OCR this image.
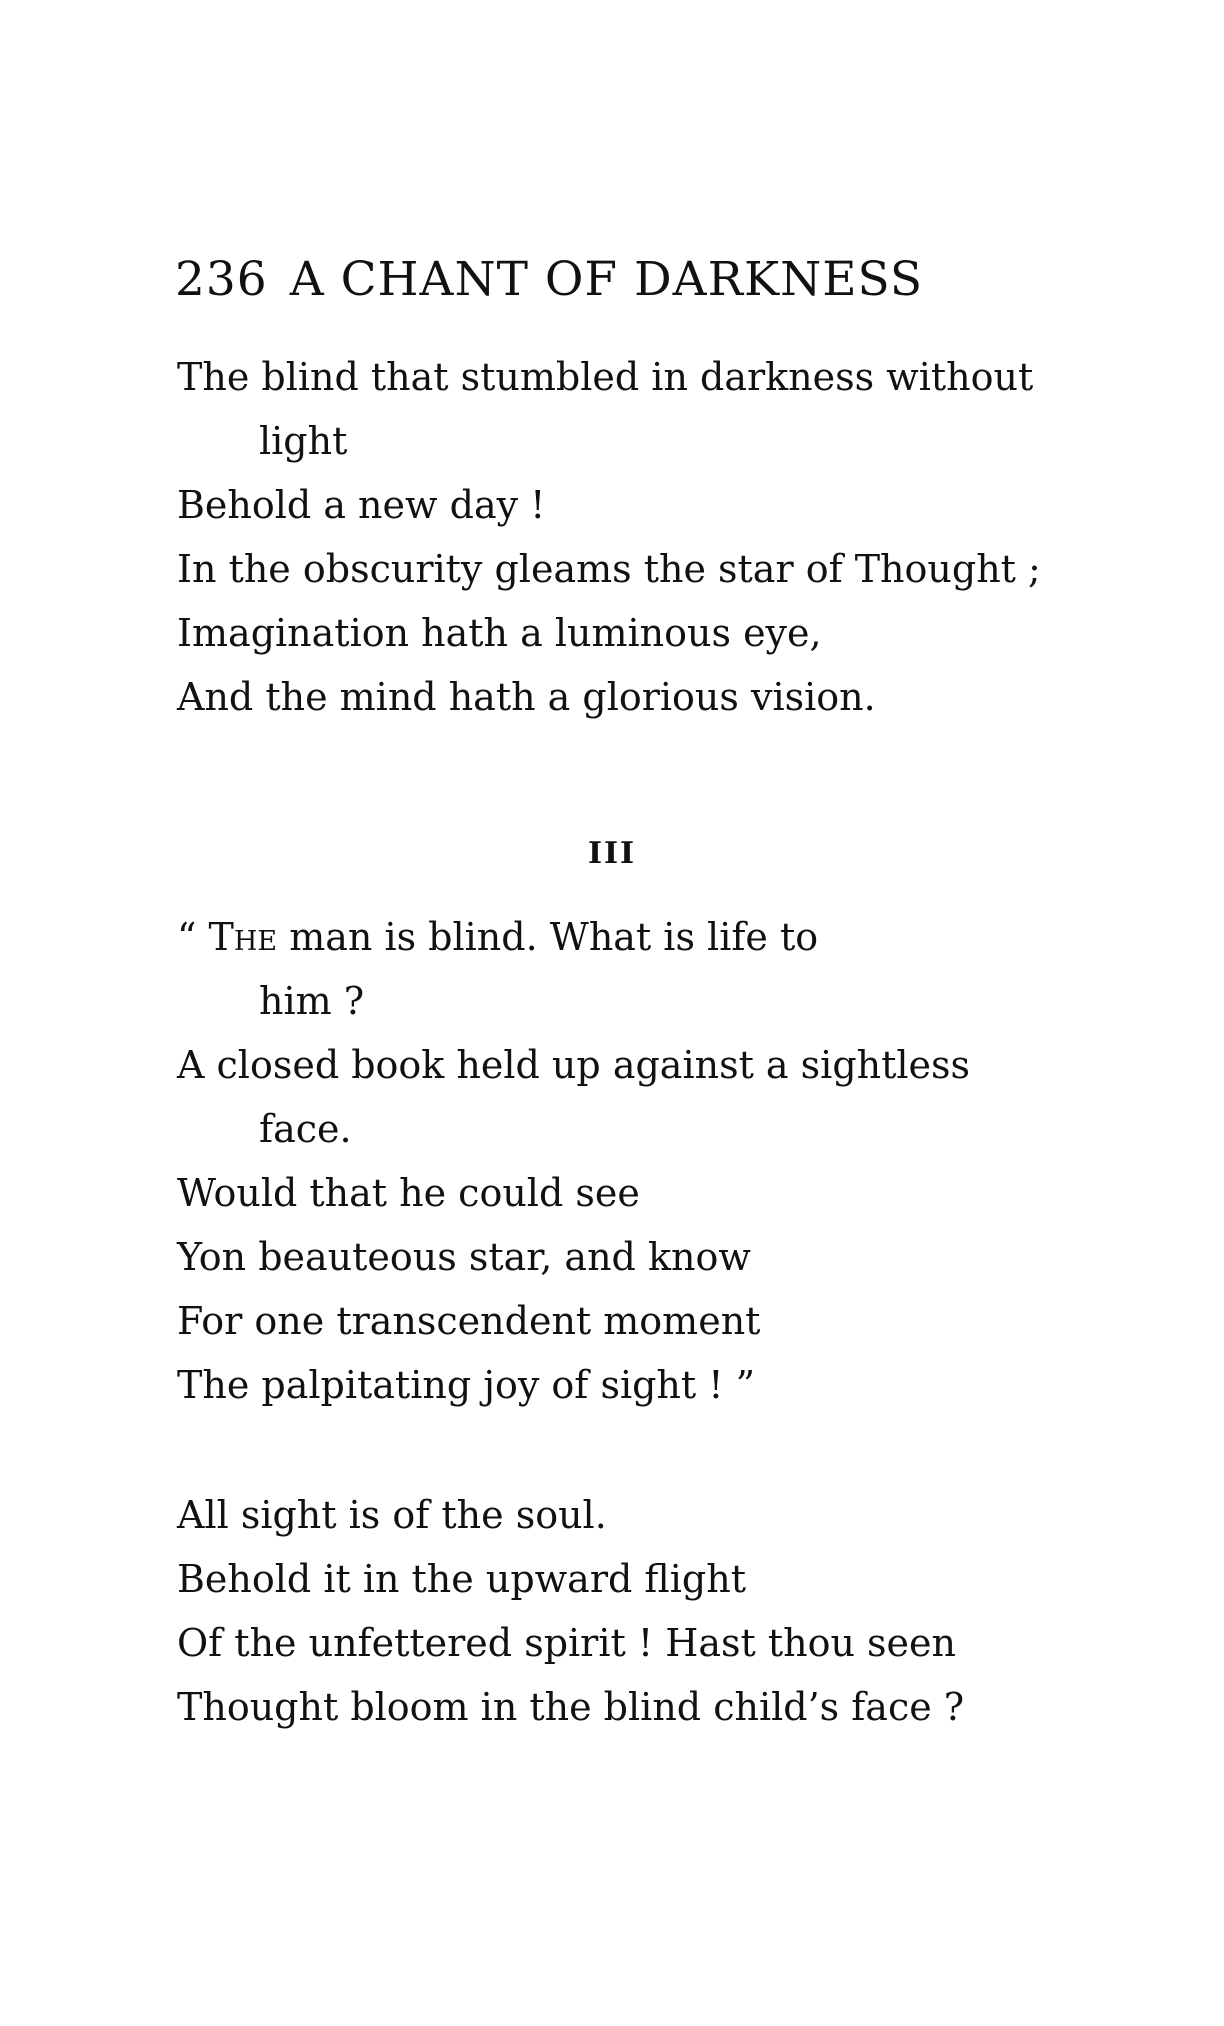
236 A CHANT OF DARKNESS
The blind that stumbled in darkness without
light
Behold a new day !
In the obscurity gleams the star of Thought ;
Imagination hath a luminous eye,
And the mind hath a glorious vision.
III
“ The man is blind. What is life to
him ?
A closed book held up against a sightless
face.
Would that he could see
Yon beauteous star, and know
For one transcendent moment
The palpitating joy of sight ! ”
All sight is of the soul.
Behold it in the upward flight
Of the unfettered spirit ! Hast thou seen
Thought bloom in the blind child’s face ?
